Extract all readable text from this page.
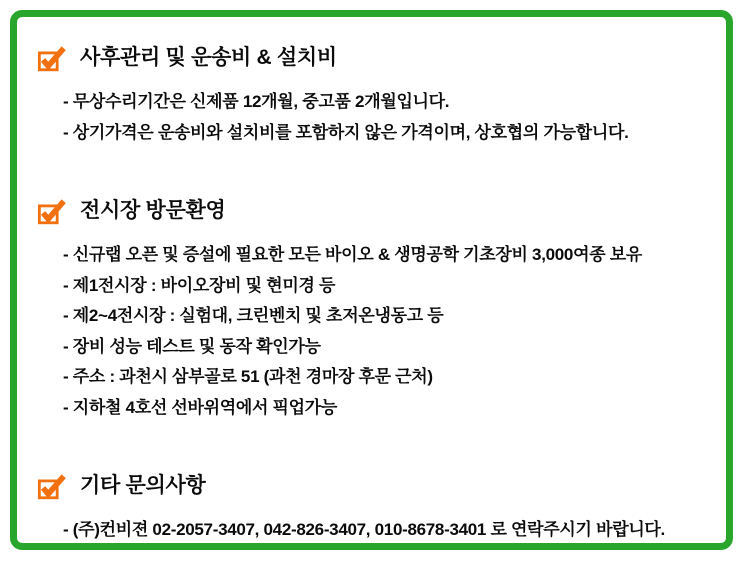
사후관리 및 운송비 & 설치비
- 무상수리기간은 신제품 12개월, 중고품 2개월입니다.
- 상기가격은 운송비와 설치비를 포함하지 않은 가격이며, 상호협의 가능합니다.
전시장 방문환영
- 신규랩 오픈 및 증설에 필요한 모든 바이오 & 생명공학 기초장비 3,000여종 보유
- 제1전시장 : 바이오장비 및 현미경 등
- 제2~4전시장 : 실험대, 크린벤치 및 초저온냉동고 등
- 장비 성능 테스트 및 동작 확인가능
- 주소 : 과천시 삼부골로 51 (과천 경마장 후문 근처)
- 지하철 4호선 선바위역에서 픽업가능
기타 문의사항
- (주)컨비젼 02-2057-3407, 042-826-3407, 010-8678-3401 로 연락주시기 바랍니다.
